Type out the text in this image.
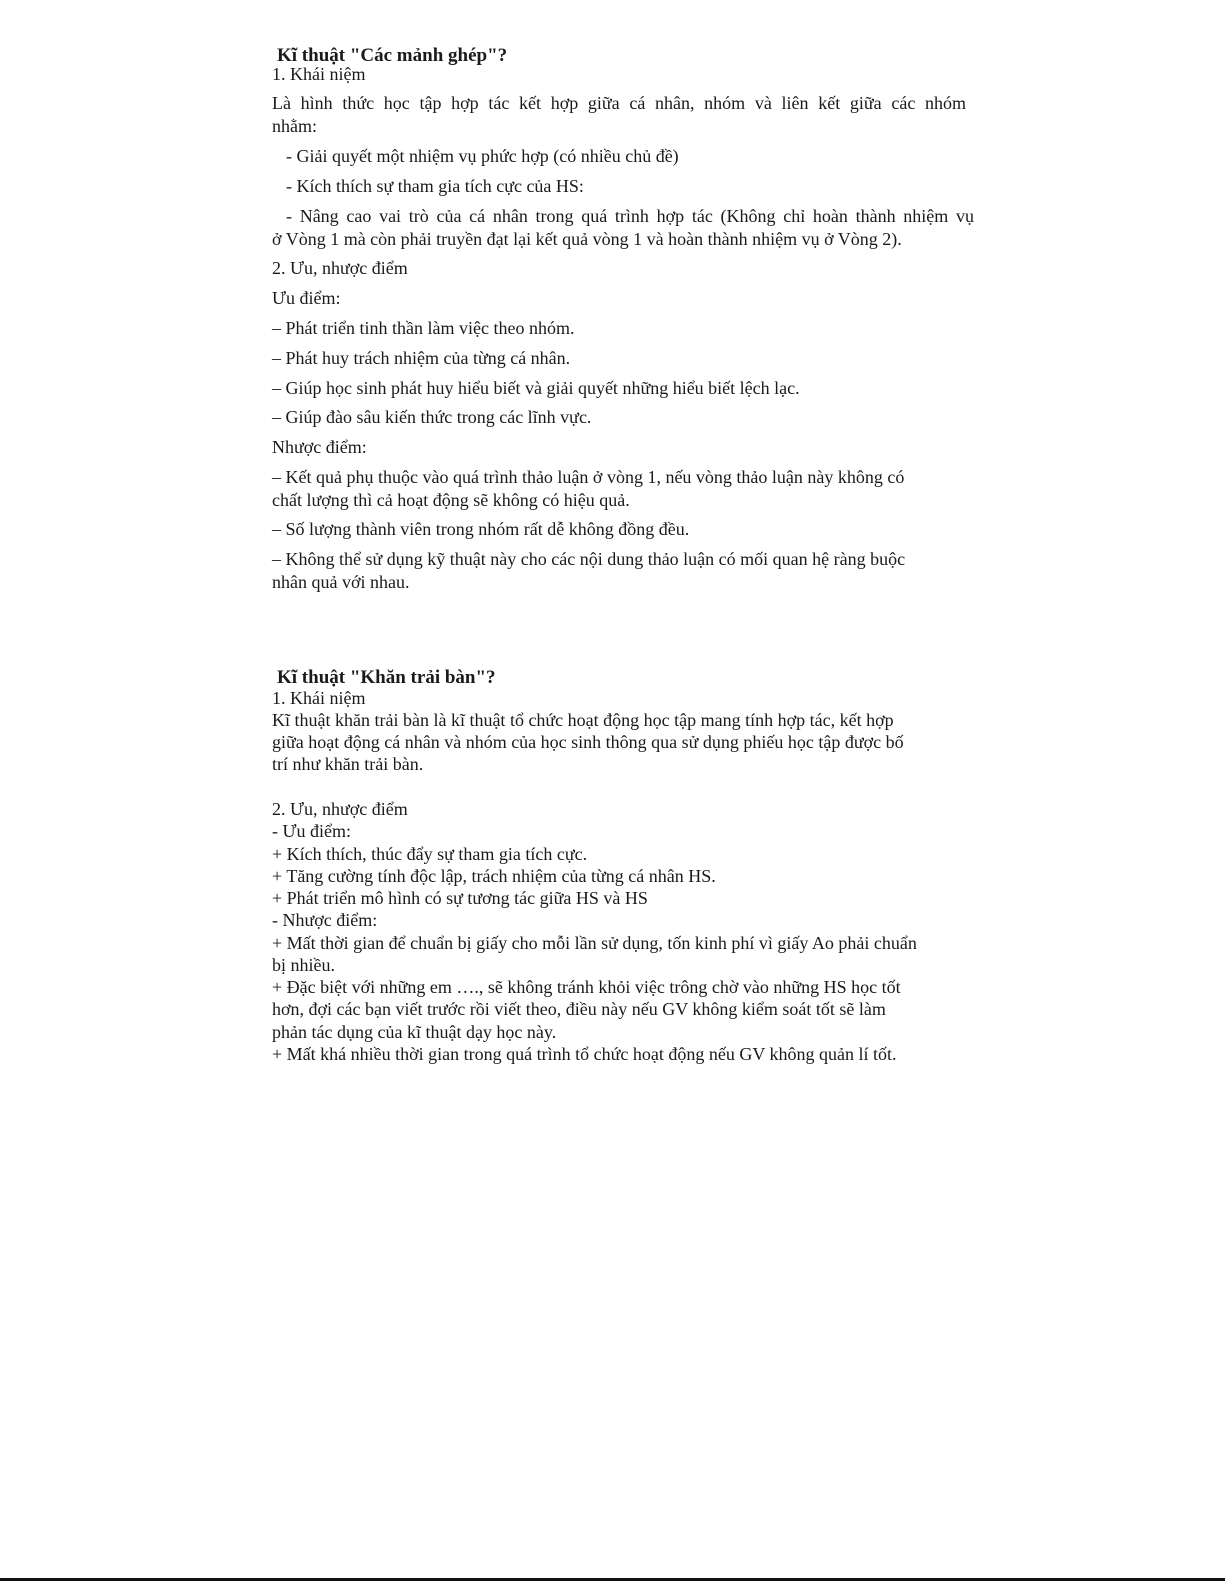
Kĩ thuật "Các mảnh ghép"?
1. Khái niệm
Là hình thức học tập hợp tác kết hợp giữa cá nhân, nhóm và liên kết giữa các nhóm
nhằm:
- Giải quyết một nhiệm vụ phức hợp (có nhiều chủ đề)
- Kích thích sự tham gia tích cực của HS:
- Nâng cao vai trò của cá nhân trong quá trình hợp tác (Không chỉ hoàn thành nhiệm vụ
ở Vòng 1 mà còn phải truyền đạt lại kết quả vòng 1 và hoàn thành nhiệm vụ ở Vòng 2).
2. Ưu, nhược điểm
Ưu điểm:
– Phát triển tinh thần làm việc theo nhóm.
– Phát huy trách nhiệm của từng cá nhân.
– Giúp học sinh phát huy hiểu biết và giải quyết những hiểu biết lệch lạc.
– Giúp đào sâu kiến thức trong các lĩnh vực.
Nhược điểm:
– Kết quả phụ thuộc vào quá trình thảo luận ở vòng 1, nếu vòng thảo luận này không có
chất lượng thì cả hoạt động sẽ không có hiệu quả.
– Số lượng thành viên trong nhóm rất dễ không đồng đều.
– Không thể sử dụng kỹ thuật này cho các nội dung thảo luận có mối quan hệ ràng buộc
nhân quả với nhau.
Kĩ thuật "Khăn trải bàn"?
1. Khái niệm
Kĩ thuật khăn trải bàn là kĩ thuật tổ chức hoạt động học tập mang tính hợp tác, kết hợp
giữa hoạt động cá nhân và nhóm của học sinh thông qua sử dụng phiếu học tập được bố
trí như khăn trải bàn.
2. Ưu, nhược điểm
- Ưu điểm:
+ Kích thích, thúc đẩy sự tham gia tích cực.
+ Tăng cường tính độc lập, trách nhiệm của từng cá nhân HS.
+ Phát triển mô hình có sự tương tác giữa HS và HS
- Nhược điểm:
+ Mất thời gian để chuẩn bị giấy cho mỗi lần sử dụng, tốn kinh phí vì giấy Ao phải chuẩn
bị nhiều.
+ Đặc biệt với những em …., sẽ không tránh khỏi việc trông chờ vào những HS học tốt
hơn, đợi các bạn viết trước rồi viết theo, điều này nếu GV không kiểm soát tốt sẽ làm
phản tác dụng của kĩ thuật dạy học này.
+ Mất khá nhiều thời gian trong quá trình tổ chức hoạt động nếu GV không quản lí tốt.
